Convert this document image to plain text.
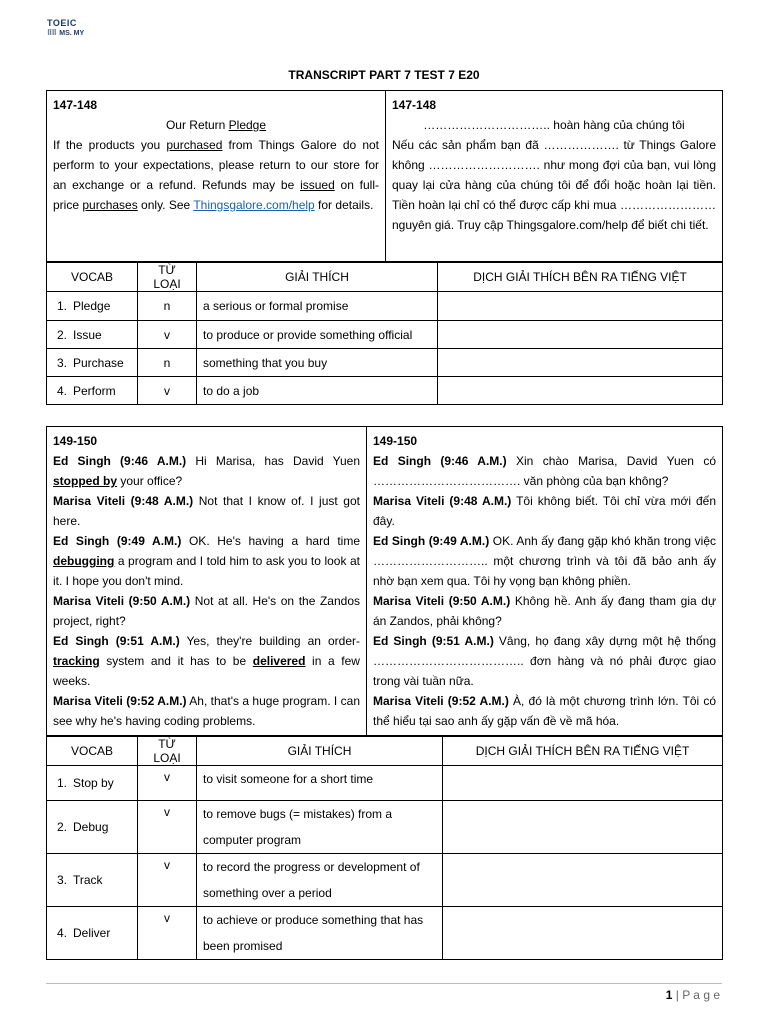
TOEIC
⠿⠿ MS. MY
TRANSCRIPT PART 7 TEST 7 E20
147-148
Our Return Pledge
If the products you purchased from Things Galore do not perform to your expectations, please return to our store for an exchange or a refund. Refunds may be issued on full-price purchases only. See Thingsgalore.com/help for details.

147-148
………………………….. hoàn hàng của chúng tôi
Nếu các sản phẩm bạn đã ………………. từ Things Galore không ………………………. như mong đợi của bạn, vui lòng quay lại cửa hàng của chúng tôi để đổi hoặc hoàn lại tiền. Tiền hoàn lại chỉ có thể được cấp khi mua …………………… nguyên giá. Truy cập Thingsgalore.com/help để biết chi tiết.
VOCAB	TỪ LOẠI	GIẢI THÍCH	DỊCH GIẢI THÍCH BÊN RA TIẾNG VIỆT
1. Pledge	n	a serious or formal promise	
2. Issue	v	to produce or provide something official	
3. Purchase	n	something that you buy	
4. Perform	v	to do a job	
149-150
Ed Singh (9:46 A.M.) Hi Marisa, has David Yuen stopped by your office?
Marisa Viteli (9:48 A.M.) Not that I know of. I just got here.
Ed Singh (9:49 A.M.) OK. He's having a hard time debugging a program and I told him to ask you to look at it. I hope you don't mind.
Marisa Viteli (9:50 A.M.) Not at all. He's on the Zandos project, right?
Ed Singh (9:51 A.M.) Yes, they're building an order-tracking system and it has to be delivered in a few weeks.
Marisa Viteli (9:52 A.M.) Ah, that's a huge program. I can see why he's having coding problems.

149-150
Ed Singh (9:46 A.M.) Xin chào Marisa, David Yuen có ………………………………. văn phòng của bạn không?
Marisa Viteli (9:48 A.M.) Tôi không biết. Tôi chỉ vừa mới đến đây.
Ed Singh (9:49 A.M.) OK. Anh ấy đang gặp khó khăn trong việc ……………………….. một chương trình và tôi đã bảo anh ấy nhờ bạn xem qua. Tôi hy vọng bạn không phiền.
Marisa Viteli (9:50 A.M.) Không hề. Anh ấy đang tham gia dự án Zandos, phải không?
Ed Singh (9:51 A.M.) Vâng, họ đang xây dựng một hệ thống ……………………………….. đơn hàng và nó phải được giao trong vài tuần nữa.
Marisa Viteli (9:52 A.M.) À, đó là một chương trình lớn. Tôi có thể hiểu tại sao anh ấy gặp vấn đề về mã hóa.
VOCAB	TỪ LOẠI	GIẢI THÍCH	DỊCH GIẢI THÍCH BÊN RA TIẾNG VIỆT
1. Stop by	v	to visit someone for a short time	
2. Debug	v	to remove bugs (= mistakes) from a computer program	
3. Track	v	to record the progress or development of something over a period	
4. Deliver	v	to achieve or produce something that has been promised	
1 | P a g e
